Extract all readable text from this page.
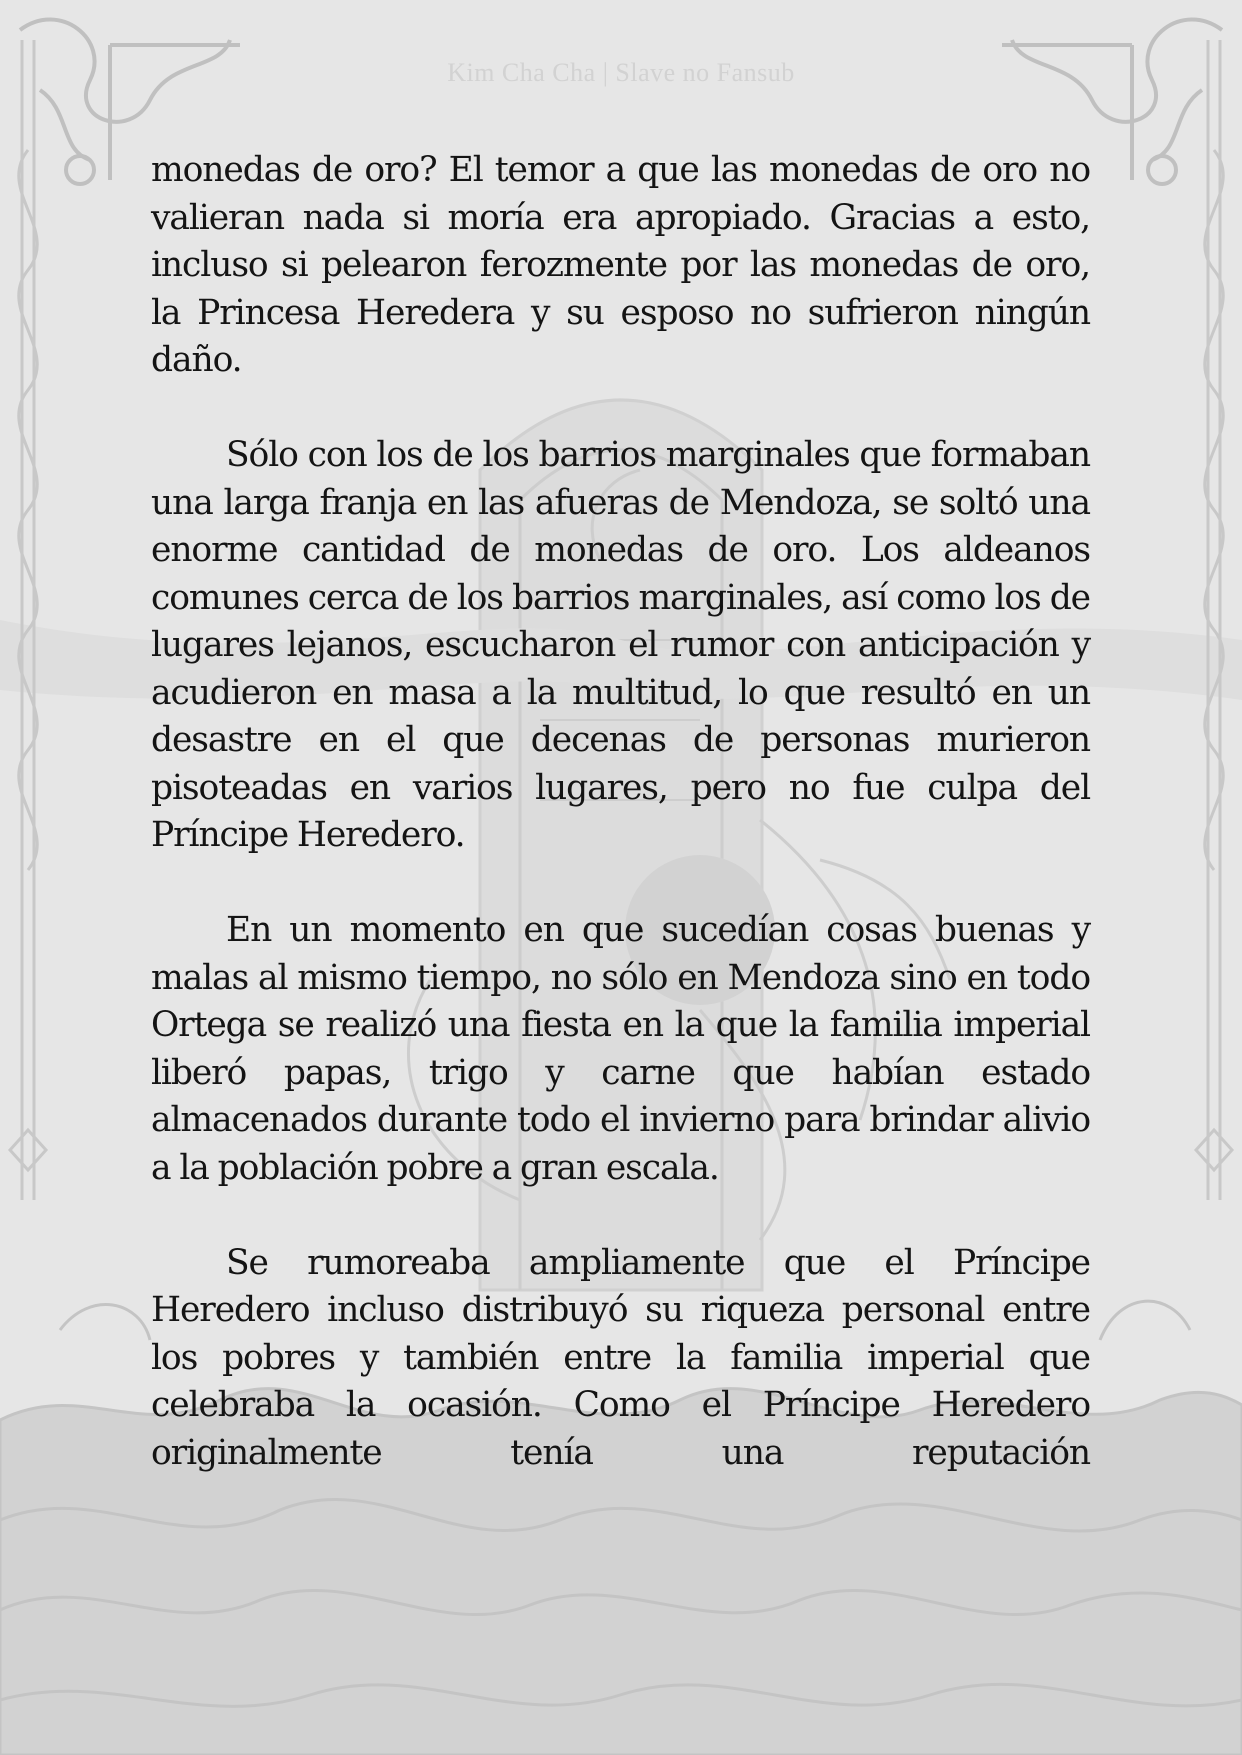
Kim Cha Cha | Slave no Fansub

monedas de oro? El temor a que las monedas de oro no valieran nada si moría era apropiado. Gracias a esto, incluso si pelearon ferozmente por las monedas de oro, la Princesa Heredera y su esposo no sufrieron ningún daño.

Sólo con los de los barrios marginales que formaban una larga franja en las afueras de Mendoza, se soltó una enorme cantidad de monedas de oro. Los aldeanos comunes cerca de los barrios marginales, así como los de lugares lejanos, escucharon el rumor con anticipación y acudieron en masa a la multitud, lo que resultó en un desastre en el que decenas de personas murieron pisoteadas en varios lugares, pero no fue culpa del Príncipe Heredero.

En un momento en que sucedían cosas buenas y malas al mismo tiempo, no sólo en Mendoza sino en todo Ortega se realizó una fiesta en la que la familia imperial liberó papas, trigo y carne que habían estado almacenados durante todo el invierno para brindar alivio a la población pobre a gran escala.

Se rumoreaba ampliamente que el Príncipe Heredero incluso distribuyó su riqueza personal entre los pobres y también entre la familia imperial que celebraba la ocasión. Como el Príncipe Heredero originalmente tenía una reputación
